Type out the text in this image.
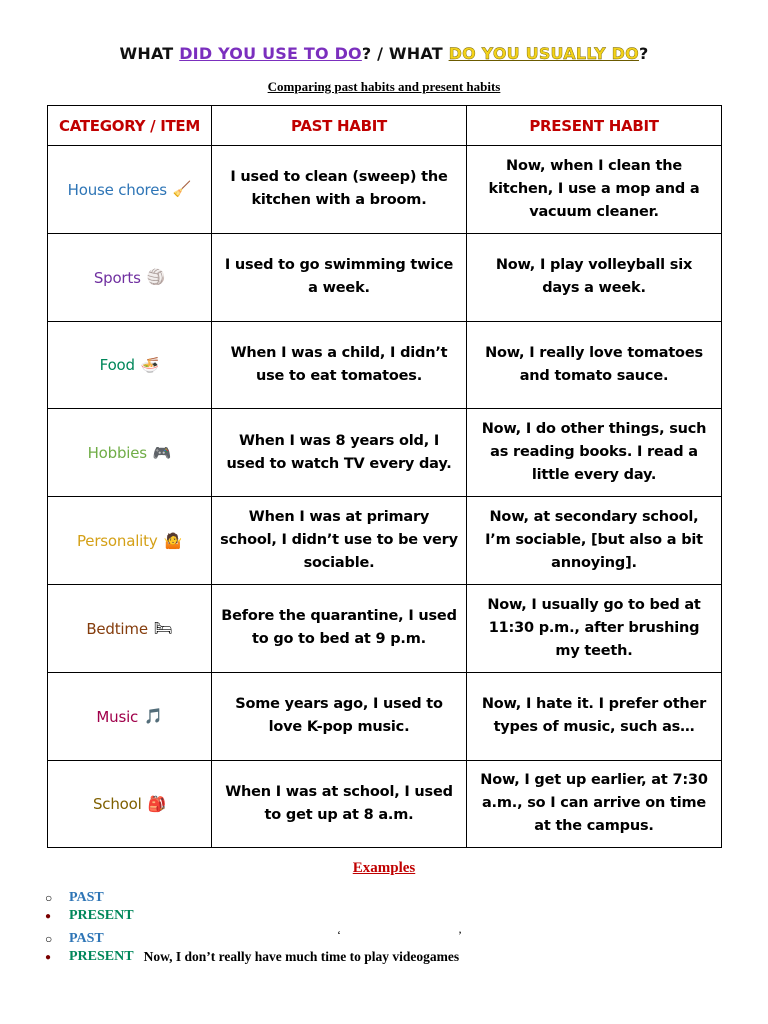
WHAT DID YOU USE TO DO? / WHAT DO YOU USUALLY DO?
Comparing past habits and present habits
CATEGORY / ITEM	PAST HABIT	PRESENT HABIT

House chores 🧹	I used to clean (sweep) the kitchen with a broom.	Now, when I clean the kitchen, I use a mop and a vacuum cleaner.

Sports 🏐	I used to go swimming twice a week.	Now, I play volleyball six days a week.

Food 🍜	When I was a child, I didn’t use to eat tomatoes.	Now, I really love tomatoes and tomato sauce.

Hobbies 🎮	When I was 8 years old, I used to watch TV every day.	Now, I do other things, such as reading books. I read a little every day.

Personality 🤷	When I was at primary school, I didn’t use to be very sociable.	Now, at secondary school, I’m sociable, [but also a bit annoying].

Bedtime 🛏	Before the quarantine, I used to go to bed at 9 p.m.	Now, I usually go to bed at 11:30 p.m., after brushing my teeth.

Music 🎵	Some years ago, I used to love K-pop music.	Now, I hate it. I prefer other types of music, such as…

School 🎒	When I was at school, I used to get up at 8 a.m.	Now, I get up earlier, at 7:30 a.m., so I can arrive on time at the campus.
Examples
○	PAST
●	PRESENT
○	PAST	‘	’
●	PRESENT Now, I don’t really have much time to play videogames
